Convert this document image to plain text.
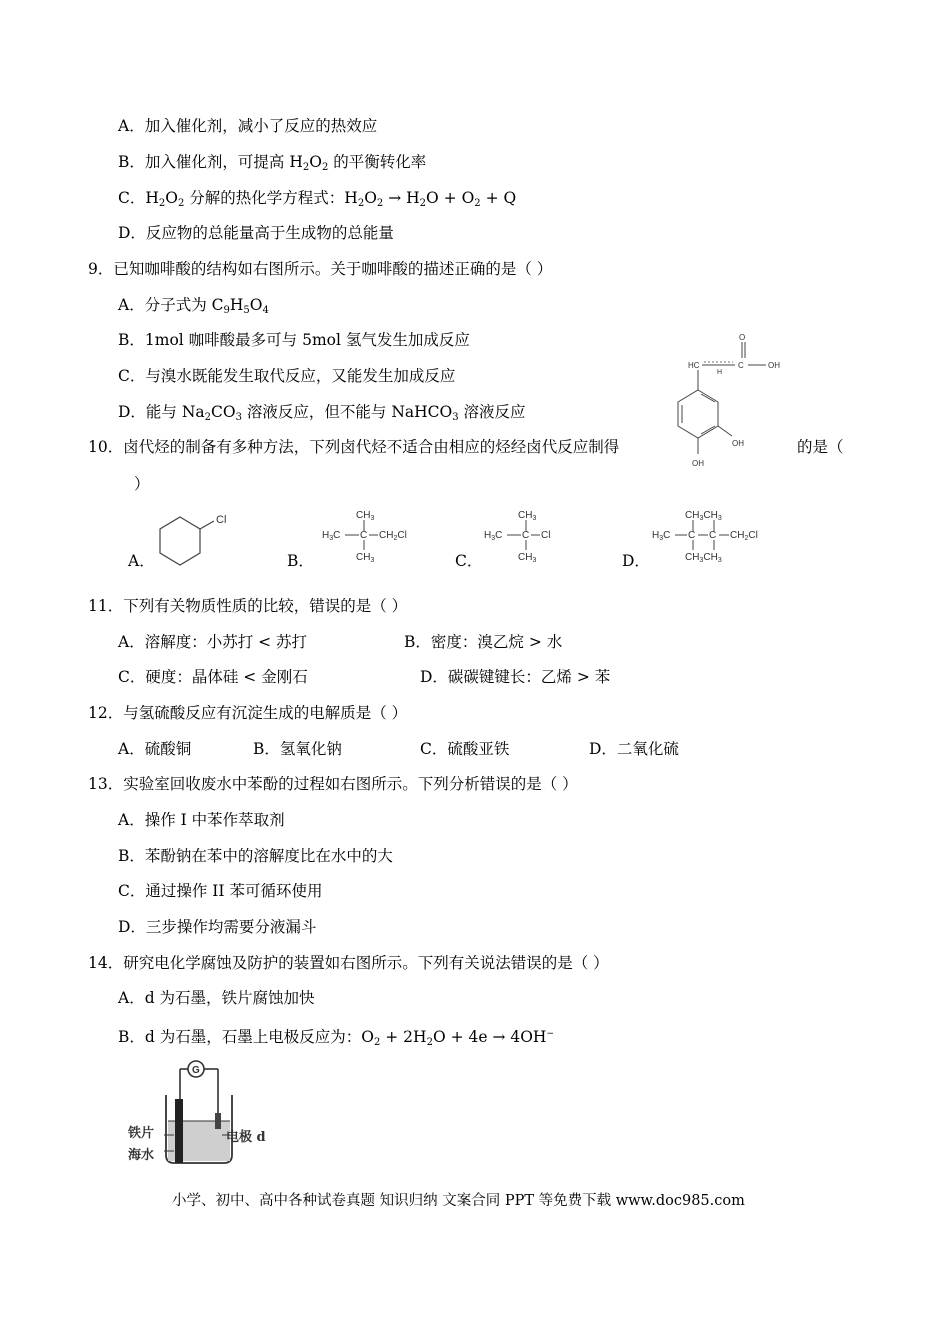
A．加入催化剂，减小了反应的热效应
B．加入催化剂，可提高 $H_2O_2$ 的平衡转化率
C．$H_2O_2$ 分解的热化学方程式：$H_2O_2 \to H_2O + O_2 + Q$
D．反应物的总能量高于生成物的总能量
9．已知咖啡酸的结构如右图所示。关于咖啡酸的描述正确的是（ ）
A．分子式为 $C_9H_5O_4$
B．1mol 咖啡酸最多可与 5mol 氢气发生加成反应
C．与溴水既能发生取代反应，又能发生加成反应
D．能与 $Na_2CO_3$ 溶液反应，但不能与 NaHCO$_3$ 溶液反应
HC
H
C
O
OH
OH
OH
10．卤代烃的制备有多种方法，下列卤代烃不适合由相应的烃经卤代反应制得	的是（
）
A．	B．	C．	D．
Cl	$CH_3$
$H_3C$ C $CH_2Cl$
$CH_3$
$CH_3$
$H_3C$ C Cl
$CH_3$
$CH_3CH_3$
$H_3C$ C C $CH_2Cl$
$CH_3CH_3$
11．下列有关物质性质的比较，错误的是（ ）
A．溶解度：小苏打 < 苏打	B．密度：溴乙烷 > 水
C．硬度：晶体硅 < 金刚石	D．碳碳键键长：乙烯 > 苯
12．与氢硫酸反应有沉淀生成的电解质是（ ）
A．硫酸铜	B．氢氧化钠	C．硫酸亚铁	D．二氧化硫
13．实验室回收废水中苯酚的过程如右图所示。下列分析错误的是（ ）
A．操作 I 中苯作萃取剂
B．苯酚钠在苯中的溶解度比在水中的大
C．通过操作 II 苯可循环使用
D．三步操作均需要分液漏斗
14．研究电化学腐蚀及防护的装置如右图所示。下列有关说法错误的是（ ）
A．d 为石墨，铁片腐蚀加快
B．d 为石墨，石墨上电极反应为：$O_2 + 2H_2O + 4e \to 4OH^-$
G
铁片
海水
电极 d
小学、初中、高中各种试卷真题 知识归纳 文案合同 PPT 等免费下载 www.doc985.com
